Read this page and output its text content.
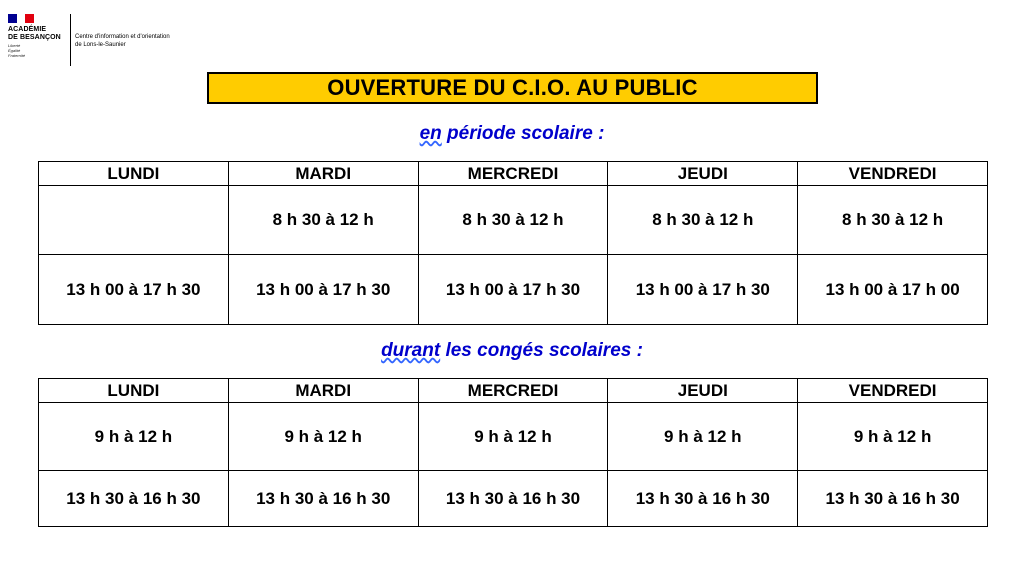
ACADÉMIE
DE BESANÇON
Liberté
Égalité
Fraternité
Centre d'information et d'orientation
de Lons-le-Saunier
OUVERTURE DU C.I.O. AU PUBLIC
en période scolaire :
LUNDI	MARDI	MERCREDI	JEUDI	VENDREDI
	8 h 30 à 12 h	8 h 30 à 12 h	8 h 30 à 12 h	8 h 30 à 12 h
13 h 00 à 17 h 30	13 h 00 à 17 h 30	13 h 00 à 17 h 30	13 h 00 à 17 h 30	13 h 00 à 17 h 00
durant les congés scolaires :
LUNDI	MARDI	MERCREDI	JEUDI	VENDREDI
9 h à 12 h	9 h à 12 h	9 h à 12 h	9 h à 12 h	9 h à 12 h
13 h 30 à 16 h 30	13 h 30 à 16 h 30	13 h 30 à 16 h 30	13 h 30 à 16 h 30	13 h 30 à 16 h 30
